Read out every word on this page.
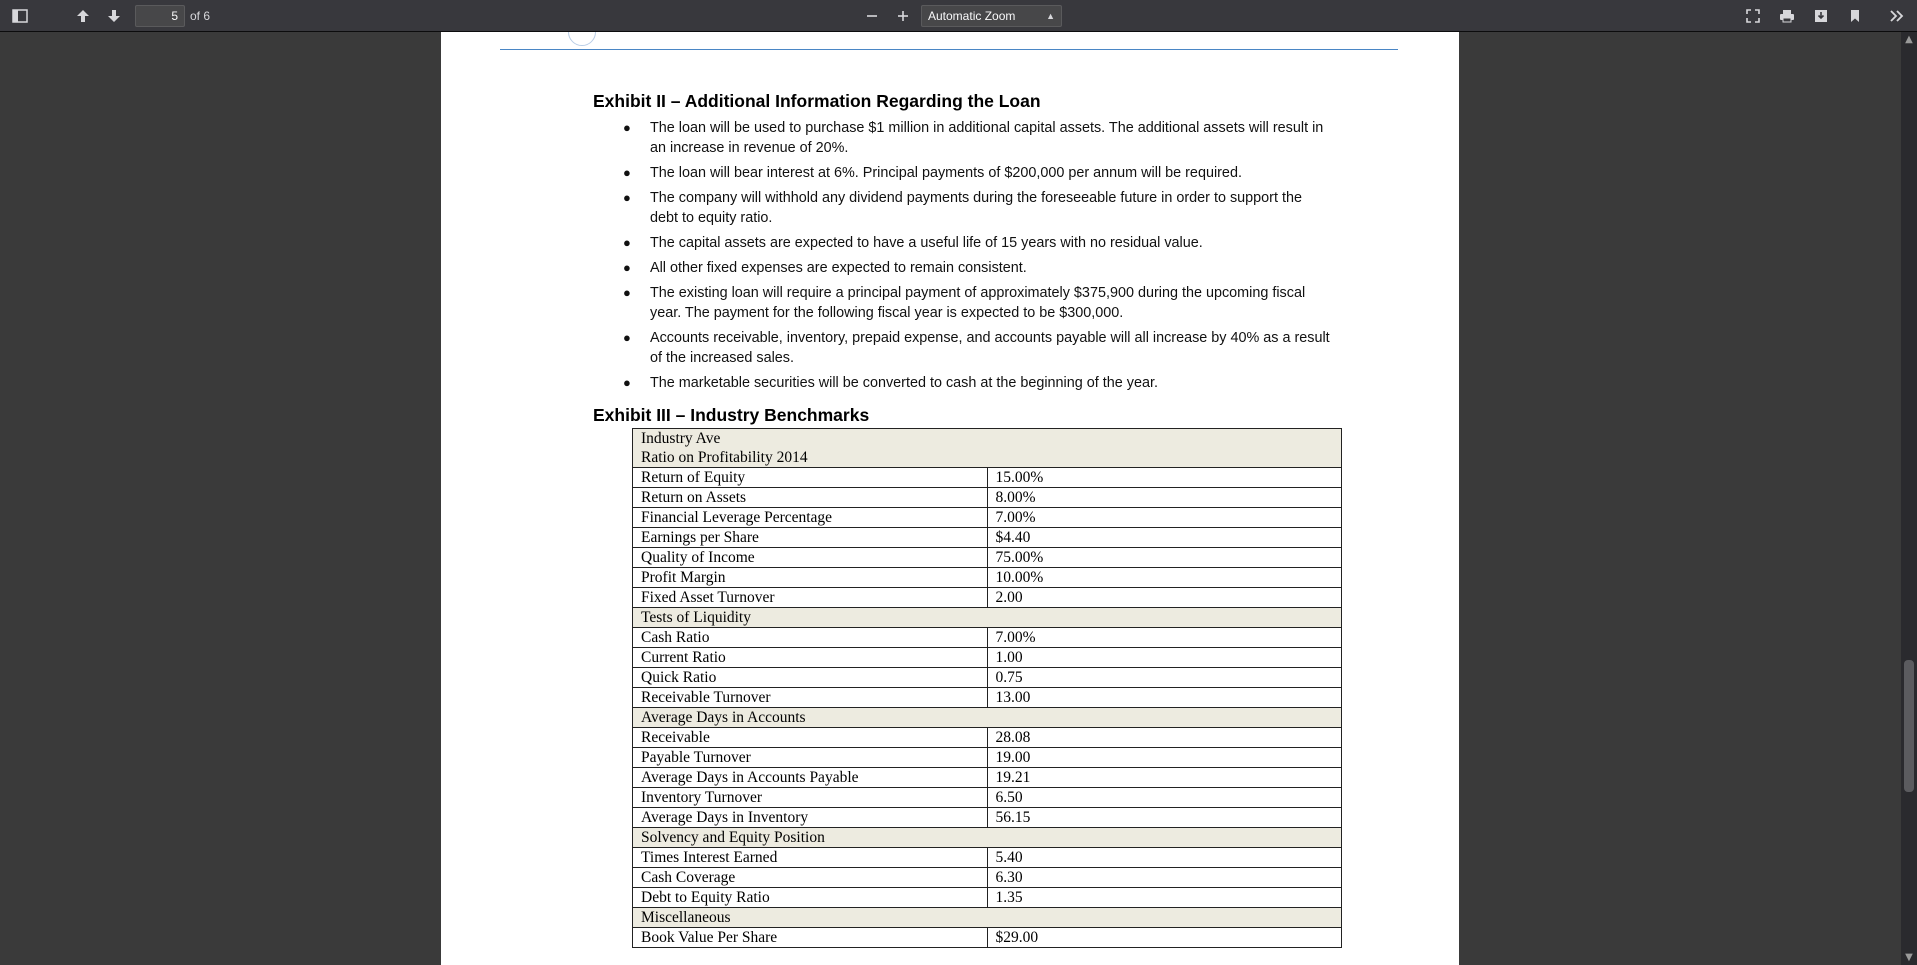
5
of 6	Automatic Zoom	▲

Exhibit II – Additional Information Regarding the Loan
● The loan will be used to purchase $1 million in additional capital assets. The additional assets will result in an increase in revenue of 20%.
● The loan will bear interest at 6%. Principal payments of $200,000 per annum will be required.
● The company will withhold any dividend payments during the foreseeable future in order to support the debt to equity ratio.
● The capital assets are expected to have a useful life of 15 years with no residual value.
● All other fixed expenses are expected to remain consistent.
● The existing loan will require a principal payment of approximately $375,900 during the upcoming fiscal year. The payment for the following fiscal year is expected to be $300,000.
● Accounts receivable, inventory, prepaid expense, and accounts payable will all increase by 40% as a result of the increased sales.
● The marketable securities will be converted to cash at the beginning of the year.
Exhibit III – Industry Benchmarks
Industry Ave
Ratio on Profitability 2014	

Return of Equity	15.00%
Return on Assets	8.00%
Financial Leverage Percentage	7.00%
Earnings per Share	$4.40
Quality of Income	75.00%
Profit Margin	10.00%
Fixed Asset Turnover	2.00
Tests of Liquidity	
Cash Ratio	7.00%
Current Ratio	1.00
Quick Ratio	0.75
Receivable Turnover	13.00
Average Days in Accounts	
Receivable	28.08
Payable Turnover	19.00
Average Days in Accounts Payable	19.21
Inventory Turnover	6.50
Average Days in Inventory	56.15
Solvency and Equity Position	
Times Interest Earned	5.40
Cash Coverage	6.30
Debt to Equity Ratio	1.35
Miscellaneous	
Book Value Per Share	$29.00
▲
▼
